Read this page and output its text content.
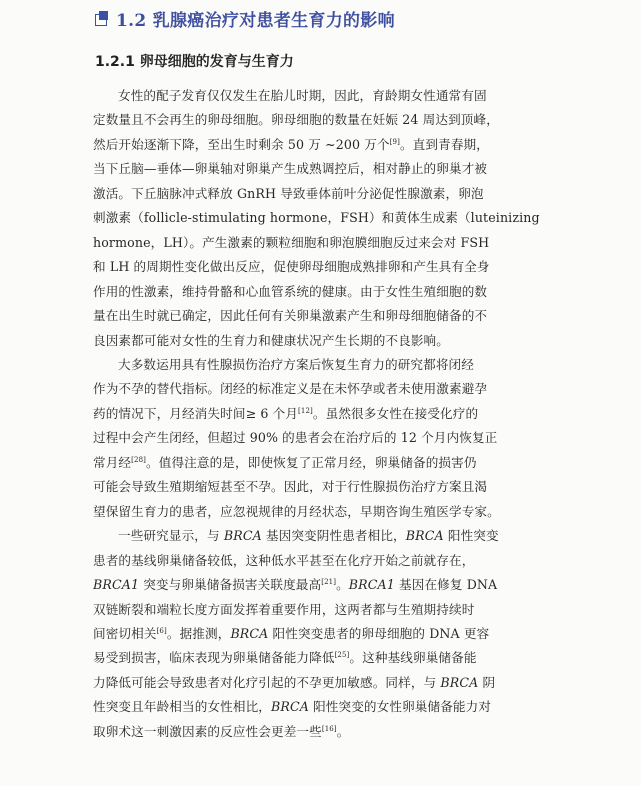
1.2 乳腺癌治疗对患者生育力的影响
1.2.1 卵母细胞的发育与生育力

女性的配子发育仅仅发生在胎儿时期，因此，育龄期女性通常有固
定数量且不会再生的卵母细胞。卵母细胞的数量在妊娠 24 周达到顶峰，
然后开始逐渐下降，至出生时剩余 50 万 ~200 万个[9]。直到青春期，
当下丘脑—垂体—卵巢轴对卵巢产生成熟调控后，相对静止的卵巢才被
激活。下丘脑脉冲式释放 GnRH 导致垂体前叶分泌促性腺激素，卵泡
刺激素（follicle-stimulating hormone，FSH）和黄体生成素（luteinizing
hormone，LH）。产生激素的颗粒细胞和卵泡膜细胞反过来会对 FSH
和 LH 的周期性变化做出反应，促使卵母细胞成熟排卵和产生具有全身
作用的性激素，维持骨骼和心血管系统的健康。由于女性生殖细胞的数
量在出生时就已确定，因此任何有关卵巢激素产生和卵母细胞储备的不
良因素都可能对女性的生育力和健康状况产生长期的不良影响。

大多数运用具有性腺损伤治疗方案后恢复生育力的研究都将闭经
作为不孕的替代指标。闭经的标准定义是在未怀孕或者未使用激素避孕
药的情况下，月经消失时间≥ 6 个月[12]。虽然很多女性在接受化疗的
过程中会产生闭经，但超过 90% 的患者会在治疗后的 12 个月内恢复正
常月经[28]。值得注意的是，即使恢复了正常月经，卵巢储备的损害仍
可能会导致生殖期缩短甚至不孕。因此，对于行性腺损伤治疗方案且渴
望保留生育力的患者，应忽视规律的月经状态，早期咨询生殖医学专家。

一些研究显示，与 BRCA 基因突变阴性患者相比，BRCA 阳性突变
患者的基线卵巢储备较低，这种低水平甚至在化疗开始之前就存在，
BRCA1 突变与卵巢储备损害关联度最高[21]。BRCA1 基因在修复 DNA
双链断裂和端粒长度方面发挥着重要作用，这两者都与生殖期持续时
间密切相关[6]。据推测，BRCA 阳性突变患者的卵母细胞的 DNA 更容
易受到损害，临床表现为卵巢储备能力降低[25]。这种基线卵巢储备能
力降低可能会导致患者对化疗引起的不孕更加敏感。同样，与 BRCA 阴
性突变且年龄相当的女性相比，BRCA 阳性突变的女性卵巢储备能力对
取卵术这一刺激因素的反应性会更差一些[16]。
